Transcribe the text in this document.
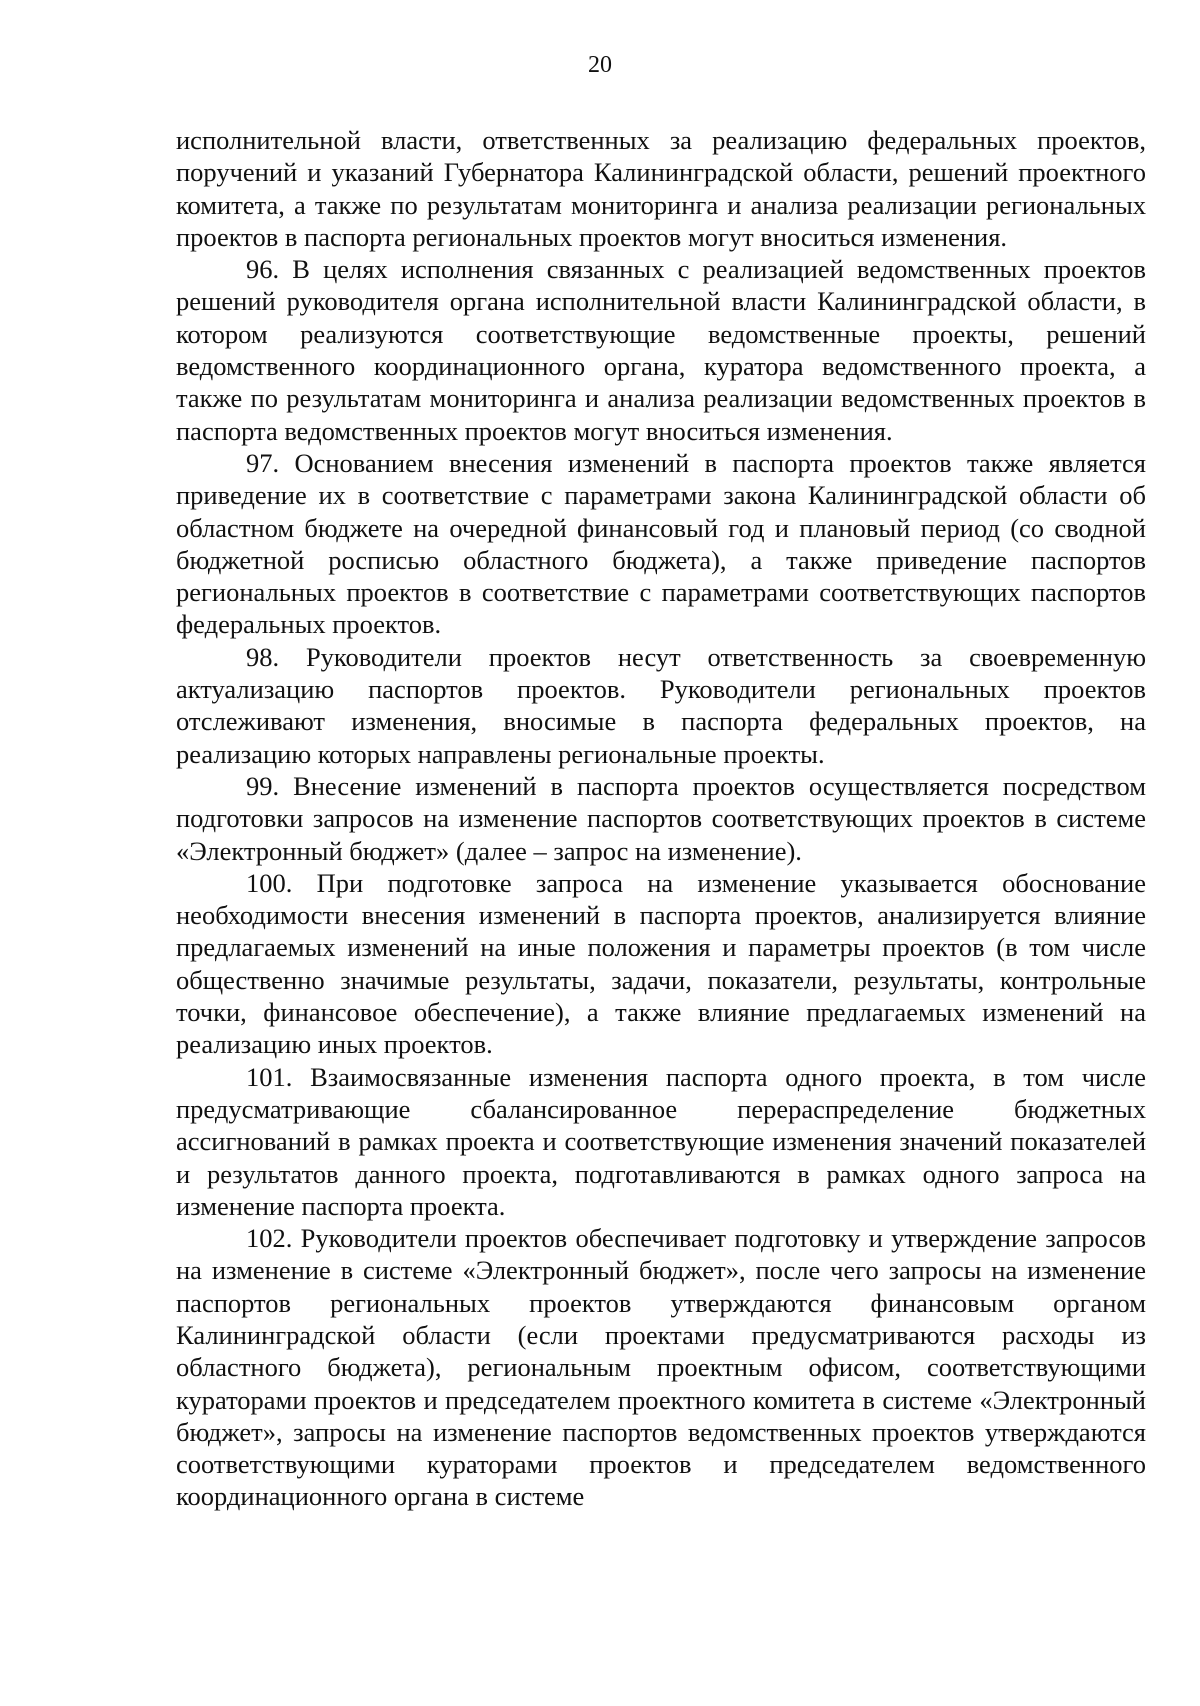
20

исполнительной власти, ответственных за реализацию федеральных проектов, поручений и указаний Губернатора Калининградской области, решений проектного комитета, а также по результатам мониторинга и анализа реализации региональных проектов в паспорта региональных проектов могут вноситься изменения.

96. В целях исполнения связанных с реализацией ведомственных проектов решений руководителя органа исполнительной власти Калининградской области, в котором реализуются соответствующие ведомственные проекты, решений ведомственного координационного органа, куратора ведомственного проекта, а также по результатам мониторинга и анализа реализации ведомственных проектов в паспорта ведомственных проектов могут вноситься изменения.

97. Основанием внесения изменений в паспорта проектов также является приведение их в соответствие с параметрами закона Калининградской области об областном бюджете на очередной финансовый год и плановый период (со сводной бюджетной росписью областного бюджета), а также приведение паспортов региональных проектов в соответствие с параметрами соответствующих паспортов федеральных проектов.

98. Руководители проектов несут ответственность за своевременную актуализацию паспортов проектов. Руководители региональных проектов отслеживают изменения, вносимые в паспорта федеральных проектов, на реализацию которых направлены региональные проекты.

99. Внесение изменений в паспорта проектов осуществляется посредством подготовки запросов на изменение паспортов соответствующих проектов в системе «Электронный бюджет» (далее – запрос на изменение).

100. При подготовке запроса на изменение указывается обоснование необходимости внесения изменений в паспорта проектов, анализируется влияние предлагаемых изменений на иные положения и параметры проектов (в том числе общественно значимые результаты, задачи, показатели, результаты, контрольные точки, финансовое обеспечение), а также влияние предлагаемых изменений на реализацию иных проектов.

101. Взаимосвязанные изменения паспорта одного проекта, в том числе предусматривающие сбалансированное перераспределение бюджетных ассигнований в рамках проекта и соответствующие изменения значений показателей и результатов данного проекта, подготавливаются в рамках одного запроса на изменение паспорта проекта.

102. Руководители проектов обеспечивает подготовку и утверждение запросов на изменение в системе «Электронный бюджет», после чего запросы на изменение паспортов региональных проектов утверждаются финансовым органом Калининградской области (если проектами предусматриваются расходы из областного бюджета), региональным проектным офисом, соответствующими кураторами проектов и председателем проектного комитета в системе «Электронный бюджет», запросы на изменение паспортов ведомственных проектов утверждаются соответствующими кураторами проектов и председателем ведомственного координационного органа в системе
